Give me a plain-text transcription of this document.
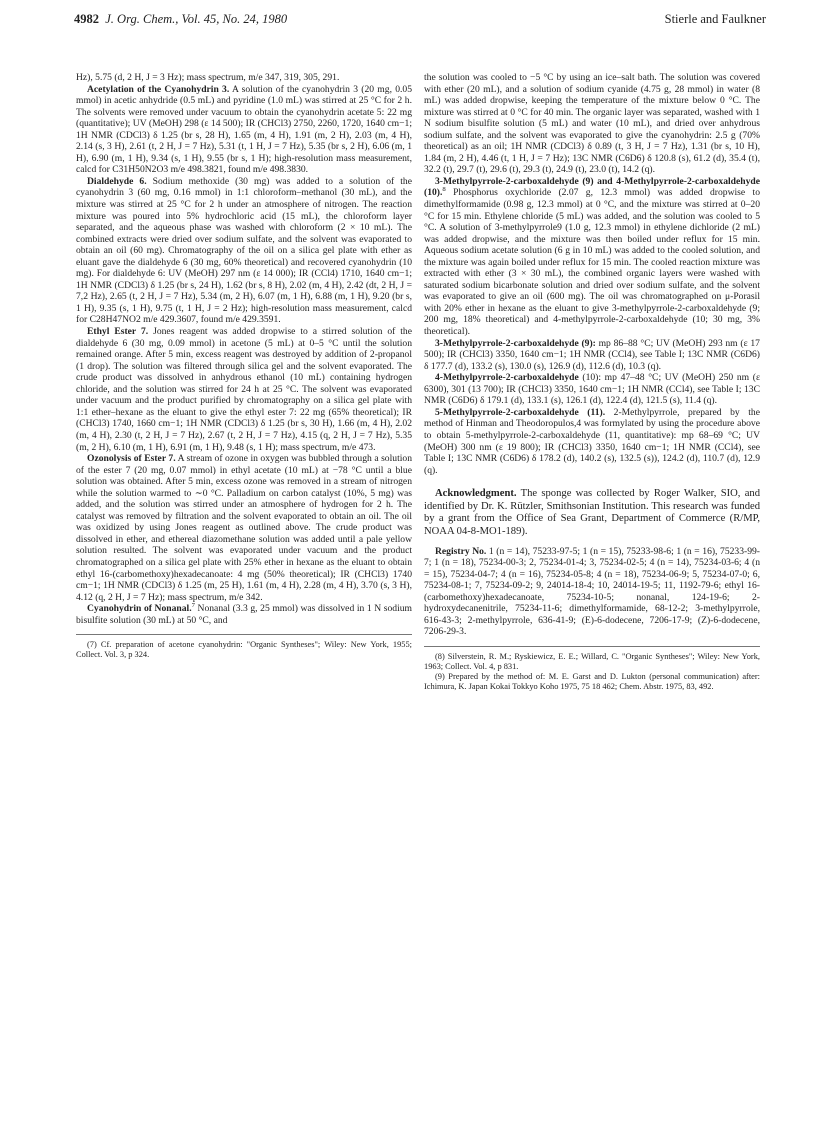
4982 J. Org. Chem., Vol. 45, No. 24, 1980	Stierle and Faulkner

Hz), 5.75 (d, 2 H, J = 3 Hz); mass spectrum, m/e 347, 319, 305, 291.

Acetylation of the Cyanohydrin 3. A solution of the cyanohydrin 3 (20 mg, 0.05 mmol) in acetic anhydride (0.5 mL) and pyridine (1.0 mL) was stirred at 25 °C for 2 h. The solvents were removed under vacuum to obtain the cyanohydrin acetate 5: 22 mg (quantitative); UV (MeOH) 298 (ε 14 500); IR (CHCl3) 2750, 2260, 1720, 1640 cm−1; 1H NMR (CDCl3) δ 1.25 (br s, 28 H), 1.65 (m, 4 H), 1.91 (m, 2 H), 2.03 (m, 4 H), 2.14 (s, 3 H), 2.61 (t, 2 H, J = 7 Hz), 5.31 (t, 1 H, J = 7 Hz), 5.35 (br s, 2 H), 6.06 (m, 1 H), 6.90 (m, 1 H), 9.34 (s, 1 H), 9.55 (br s, 1 H); high-resolution mass measurement, calcd for C31H50N2O3 m/e 498.3821, found m/e 498.3830.

Dialdehyde 6. Sodium methoxide (30 mg) was added to a solution of the cyanohydrin 3 (60 mg, 0.16 mmol) in 1:1 chloroform–methanol (30 mL), and the mixture was stirred at 25 °C for 2 h under an atmosphere of nitrogen. The reaction mixture was poured into 5% hydrochloric acid (15 mL), the chloroform layer separated, and the aqueous phase was washed with chloroform (2 × 10 mL). The combined extracts were dried over sodium sulfate, and the solvent was evaporated to obtain an oil (60 mg). Chromatography of the oil on a silica gel plate with ether as eluant gave the dialdehyde 6 (30 mg, 60% theoretical) and recovered cyanohydrin (10 mg). For dialdehyde 6: UV (MeOH) 297 nm (ε 14 000); IR (CCl4) 1710, 1640 cm−1; 1H NMR (CDCl3) δ 1.25 (br s, 24 H), 1.62 (br s, 8 H), 2.02 (m, 4 H), 2.42 (dt, 2 H, J = 7,2 Hz), 2.65 (t, 2 H, J = 7 Hz), 5.34 (m, 2 H), 6.07 (m, 1 H), 6.88 (m, 1 H), 9.20 (br s, 1 H), 9.35 (s, 1 H), 9.75 (t, 1 H, J = 2 Hz); high-resolution mass measurement, calcd for C28H47NO2 m/e 429.3607, found m/e 429.3591.

Ethyl Ester 7. Jones reagent was added dropwise to a stirred solution of the dialdehyde 6 (30 mg, 0.09 mmol) in acetone (5 mL) at 0–5 °C until the solution remained orange. After 5 min, excess reagent was destroyed by addition of 2-propanol (1 drop). The solution was filtered through silica gel and the solvent evaporated. The crude product was dissolved in anhydrous ethanol (10 mL) containing hydrogen chloride, and the solution was stirred for 24 h at 25 °C. The solvent was evaporated under vacuum and the product purified by chromatography on a silica gel plate with 1:1 ether–hexane as the eluant to give the ethyl ester 7: 22 mg (65% theoretical); IR (CHCl3) 1740, 1660 cm−1; 1H NMR (CDCl3) δ 1.25 (br s, 30 H), 1.66 (m, 4 H), 2.02 (m, 4 H), 2.30 (t, 2 H, J = 7 Hz), 2.67 (t, 2 H, J = 7 Hz), 4.15 (q, 2 H, J = 7 Hz), 5.35 (m, 2 H), 6.10 (m, 1 H), 6.91 (m, 1 H), 9.48 (s, 1 H); mass spectrum, m/e 473.

Ozonolysis of Ester 7. A stream of ozone in oxygen was bubbled through a solution of the ester 7 (20 mg, 0.07 mmol) in ethyl acetate (10 mL) at −78 °C until a blue solution was obtained. After 5 min, excess ozone was removed in a stream of nitrogen while the solution warmed to ∼0 °C. Palladium on carbon catalyst (10%, 5 mg) was added, and the solution was stirred under an atmosphere of hydrogen for 2 h. The catalyst was removed by filtration and the solvent evaporated to obtain an oil. The oil was oxidized by using Jones reagent as outlined above. The crude product was dissolved in ether, and ethereal diazomethane solution was added until a pale yellow solution resulted. The solvent was evaporated under vacuum and the product chromatographed on a silica gel plate with 25% ether in hexane as the eluant to obtain ethyl 16-(carbomethoxy)hexadecanoate: 4 mg (50% theoretical); IR (CHCl3) 1740 cm−1; 1H NMR (CDCl3) δ 1.25 (m, 25 H), 1.61 (m, 4 H), 2.28 (m, 4 H), 3.70 (s, 3 H), 4.12 (q, 2 H, J = 7 Hz); mass spectrum, m/e 342.

Cyanohydrin of Nonanal.$^7$ Nonanal (3.3 g, 25 mmol) was dissolved in 1 N sodium bisulfite solution (30 mL) at 50 °C, and

(7) Cf. preparation of acetone cyanohydrin: "Organic Syntheses"; Wiley: New York, 1955; Collect. Vol. 3, p 324.

the solution was cooled to −5 °C by using an ice–salt bath. The solution was covered with ether (20 mL), and a solution of sodium cyanide (4.75 g, 28 mmol) in water (8 mL) was added dropwise, keeping the temperature of the mixture below 0 °C. The mixture was stirred at 0 °C for 40 min. The organic layer was separated, washed with 1 N sodium bisulfite solution (5 mL) and water (10 mL), and dried over anhydrous sodium sulfate, and the solvent was evaporated to give the cyanohydrin: 2.5 g (70% theoretical) as an oil; 1H NMR (CDCl3) δ 0.89 (t, 3 H, J = 7 Hz), 1.31 (br s, 10 H), 1.84 (m, 2 H), 4.46 (t, 1 H, J = 7 Hz); 13C NMR (C6D6) δ 120.8 (s), 61.2 (d), 35.4 (t), 32.2 (t), 29.7 (t), 29.6 (t), 29.3 (t), 24.9 (t), 23.0 (t), 14.2 (q).

3-Methylpyrrole-2-carboxaldehyde (9) and 4-Methylpyrrole-2-carboxaldehyde (10).$^8$ Phosphorus oxychloride (2.07 g, 12.3 mmol) was added dropwise to dimethylformamide (0.98 g, 12.3 mmol) at 0 °C, and the mixture was stirred at 0–20 °C for 15 min. Ethylene chloride (5 mL) was added, and the solution was cooled to 5 °C. A solution of 3-methylpyrrole9 (1.0 g, 12.3 mmol) in ethylene dichloride (2 mL) was added dropwise, and the mixture was then boiled under reflux for 15 min. Aqueous sodium acetate solution (6 g in 10 mL) was added to the cooled solution, and the mixture was again boiled under reflux for 15 min. The cooled reaction mixture was extracted with ether (3 × 30 mL), the combined organic layers were washed with saturated sodium bicarbonate solution and dried over sodium sulfate, and the solvent was evaporated to give an oil (600 mg). The oil was chromatographed on μ-Porasil with 20% ether in hexane as the eluant to give 3-methylpyrrole-2-carboxaldehyde (9; 200 mg, 18% theoretical) and 4-methylpyrrole-2-carboxaldehyde (10; 30 mg, 3% theoretical).

3-Methylpyrrole-2-carboxaldehyde (9): mp 86–88 °C; UV (MeOH) 293 nm (ε 17 500); IR (CHCl3) 3350, 1640 cm−1; 1H NMR (CCl4), see Table I; 13C NMR (C6D6) δ 177.7 (d), 133.2 (s), 130.0 (s), 126.9 (d), 112.6 (d), 10.3 (q).

4-Methylpyrrole-2-carboxaldehyde (10): mp 47–48 °C; UV (MeOH) 250 nm (ε 6300), 301 (13 700); IR (CHCl3) 3350, 1640 cm−1; 1H NMR (CCl4), see Table I; 13C NMR (C6D6) δ 179.1 (d), 133.1 (s), 126.1 (d), 122.4 (d), 121.5 (s), 11.4 (q).

5-Methylpyrrole-2-carboxaldehyde (11). 2-Methylpyrrole, prepared by the method of Hinman and Theodoropulos,4 was formylated by using the procedure above to obtain 5-methylpyrrole-2-carboxaldehyde (11, quantitative): mp 68–69 °C; UV (MeOH) 300 nm (ε 19 800); IR (CHCl3) 3350, 1640 cm−1; 1H NMR (CCl4), see Table I; 13C NMR (C6D6) δ 178.2 (d), 140.2 (s), 132.5 (s)), 124.2 (d), 110.7 (d), 12.9 (q).

Acknowledgment. The sponge was collected by Roger Walker, SIO, and identified by Dr. K. Rützler, Smithsonian Institution. This research was funded by a grant from the Office of Sea Grant, Department of Commerce (R/MP, NOAA 04-8-MO1-189).

Registry No. 1 (n = 14), 75233-97-5; 1 (n = 15), 75233-98-6; 1 (n = 16), 75233-99-7; 1 (n = 18), 75234-00-3; 2, 75234-01-4; 3, 75234-02-5; 4 (n = 14), 75234-03-6; 4 (n = 15), 75234-04-7; 4 (n = 16), 75234-05-8; 4 (n = 18), 75234-06-9; 5, 75234-07-0; 6, 75234-08-1; 7, 75234-09-2; 9, 24014-18-4; 10, 24014-19-5; 11, 1192-79-6; ethyl 16-(carbomethoxy)hexadecanoate, 75234-10-5; nonanal, 124-19-6; 2-hydroxydecanenitrile, 75234-11-6; dimethylformamide, 68-12-2; 3-methylpyrrole, 616-43-3; 2-methylpyrrole, 636-41-9; (E)-6-dodecene, 7206-17-9; (Z)-6-dodecene, 7206-29-3.

(8) Silverstein, R. M.; Ryskiewicz, E. E.; Willard, C. "Organic Syntheses"; Wiley: New York, 1963; Collect. Vol. 4, p 831.

(9) Prepared by the method of: M. E. Garst and D. Lukton (personal communication) after: Ichimura, K. Japan Kokai Tokkyo Koho 1975, 75 18 462; Chem. Abstr. 1975, 83, 492.
